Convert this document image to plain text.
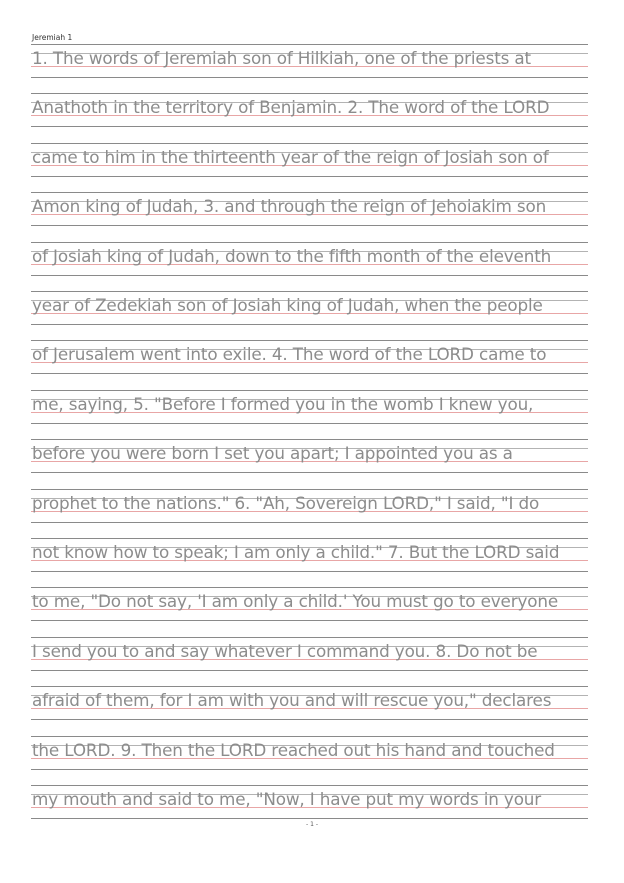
Jeremiah 1
1. The words of Jeremiah son of Hilkiah, one of the priests at
Anathoth in the territory of Benjamin. 2. The word of the LORD
came to him in the thirteenth year of the reign of Josiah son of
Amon king of Judah, 3. and through the reign of Jehoiakim son
of Josiah king of Judah, down to the fifth month of the eleventh
year of Zedekiah son of Josiah king of Judah, when the people
of Jerusalem went into exile. 4. The word of the LORD came to
me, saying, 5. "Before I formed you in the womb I knew you,
before you were born I set you apart; I appointed you as a
prophet to the nations." 6. "Ah, Sovereign LORD," I said, "I do
not know how to speak; I am only a child." 7. But the LORD said
to me, "Do not say, 'I am only a child.' You must go to everyone
I send you to and say whatever I command you. 8. Do not be
afraid of them, for I am with you and will rescue you," declares
the LORD. 9. Then the LORD reached out his hand and touched
my mouth and said to me, "Now, I have put my words in your
- 1 -
